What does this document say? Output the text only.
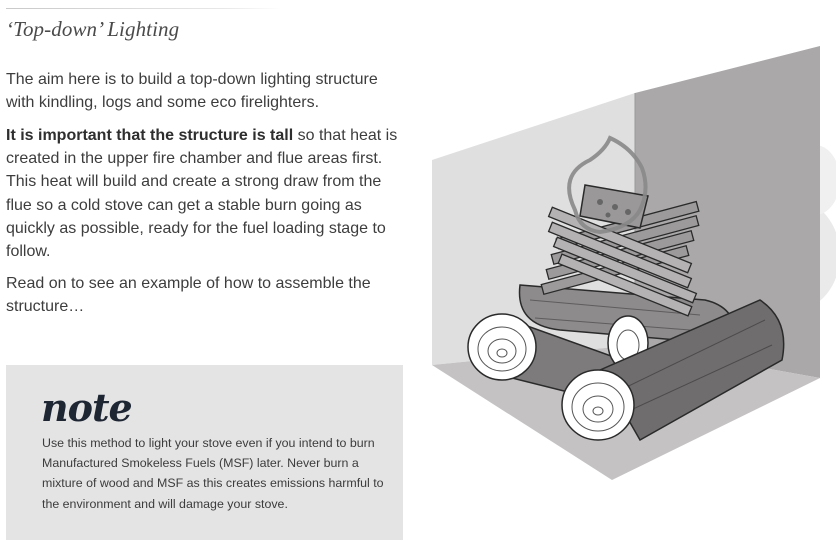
‘Top-down’ Lighting

The aim here is to build a top-down lighting structure with kindling, logs and some eco firelighters.

It is important that the structure is tall so that heat is created in the upper fire chamber and flue areas first. This heat will build and create a strong draw from the flue so a cold stove can get a stable burn going as quickly as possible, ready for the fuel loading stage to follow.

Read on to see an example of how to assemble the structure…

note

Use this method to light your stove even if you intend to burn Manufactured Smokeless Fuels (MSF) later. Never burn a mixture of wood and MSF as this creates emissions harmful to the environment and will damage your stove.
